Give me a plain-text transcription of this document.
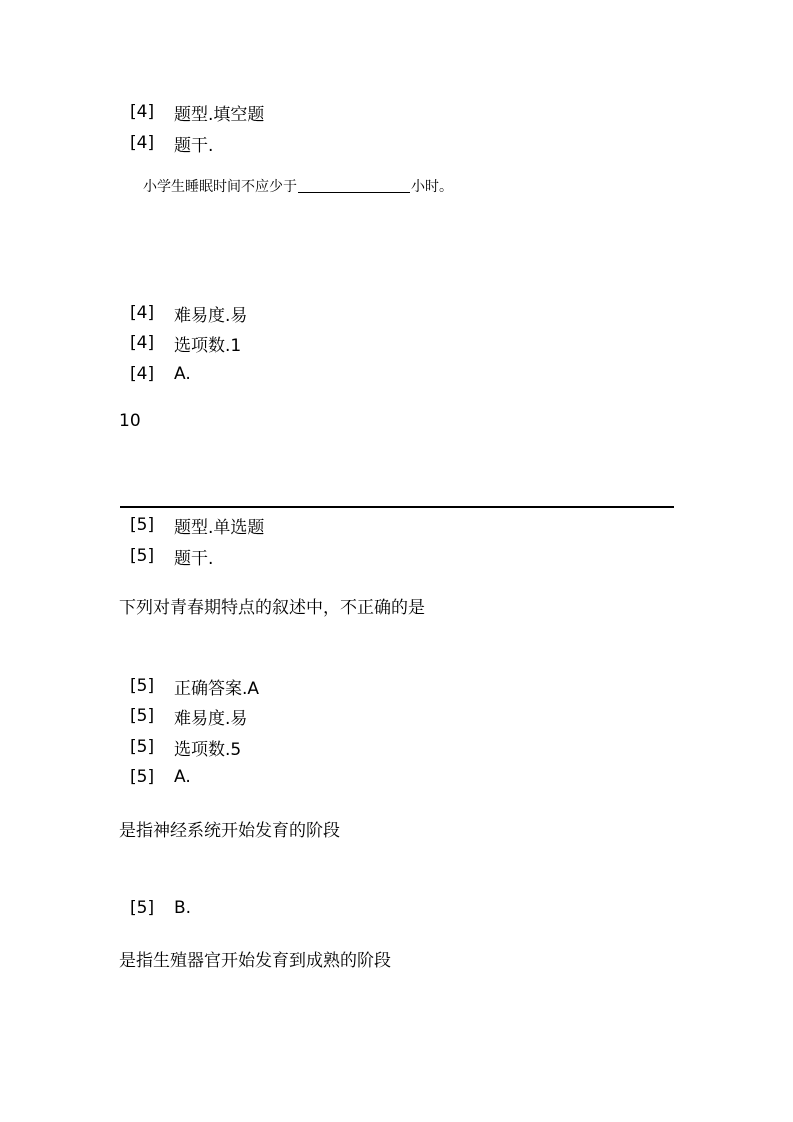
[4]	题型.填空题
[4]	题干.
小学生睡眠时间不应少于	小时。
[4]	难易度.易
[4]	选项数.1
[4]	A.
10
[5]	题型.单选题
[5]	题干.
下列对青春期特点的叙述中，不正确的是
[5]	正确答案.A
[5]	难易度.易
[5]	选项数.5
[5]	A.
是指神经系统开始发育的阶段
[5]	B.
是指生殖器官开始发育到成熟的阶段
